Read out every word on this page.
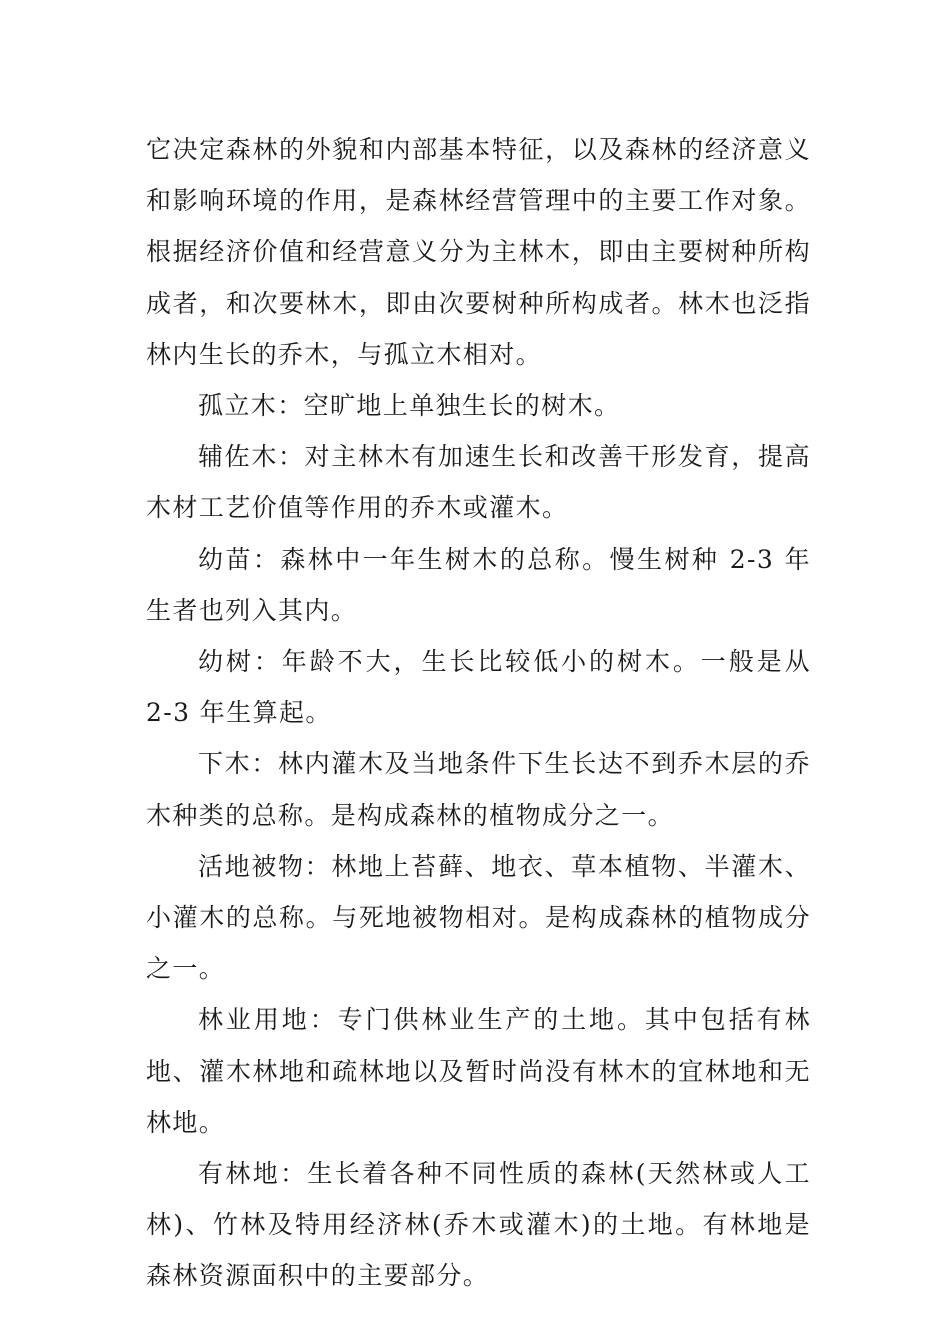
它决定森林的外貌和内部基本特征，以及森林的经济意义和影响环境的作用，是森林经营管理中的主要工作对象。根据经济价值和经营意义分为主林木，即由主要树种所构成者，和次要林木，即由次要树种所构成者。林木也泛指林内生长的乔木，与孤立木相对。

孤立木：空旷地上单独生长的树木。

辅佐木：对主林木有加速生长和改善干形发育，提高木材工艺价值等作用的乔木或灌木。

幼苗：森林中一年生树木的总称。慢生树种 2-3 年生者也列入其内。

幼树：年龄不大，生长比较低小的树木。一般是从 2-3 年生算起。

下木：林内灌木及当地条件下生长达不到乔木层的乔木种类的总称。是构成森林的植物成分之一。

活地被物：林地上苔藓、地衣、草本植物、半灌木、小灌木的总称。与死地被物相对。是构成森林的植物成分之一。

林业用地：专门供林业生产的土地。其中包括有林地、灌木林地和疏林地以及暂时尚没有林木的宜林地和无林地。

有林地：生长着各种不同性质的森林(天然林或人工林)、竹林及特用经济林(乔木或灌木)的土地。有林地是森林资源面积中的主要部分。
